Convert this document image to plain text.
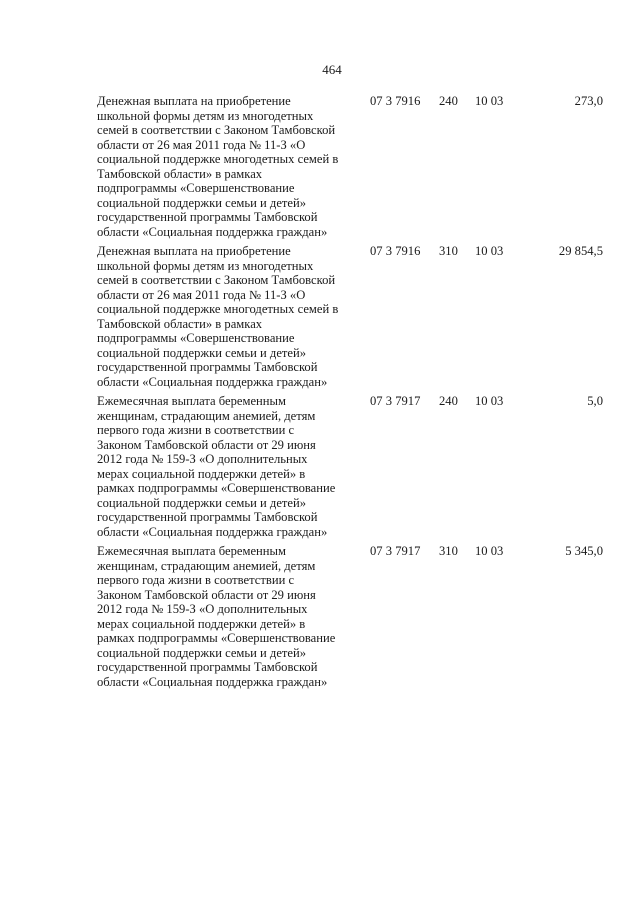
464
Денежная выплата на приобретение
школьной формы детям из многодетных
семей в соответствии с Законом Тамбовской
области от 26 мая 2011 года № 11-З «О
социальной поддержке многодетных семей в
Тамбовской области» в рамках
подпрограммы «Совершенствование
социальной поддержки семьи и детей»
государственной программы Тамбовской
области «Социальная поддержка граждан»
07 3 7916	240	10 03	273,0
Денежная выплата на приобретение
школьной формы детям из многодетных
семей в соответствии с Законом Тамбовской
области от 26 мая 2011 года № 11-З «О
социальной поддержке многодетных семей в
Тамбовской области» в рамках
подпрограммы «Совершенствование
социальной поддержки семьи и детей»
государственной программы Тамбовской
области «Социальная поддержка граждан»
07 3 7916	310	10 03	29 854,5
Ежемесячная выплата беременным
женщинам, страдающим анемией, детям
первого года жизни в соответствии с
Законом Тамбовской области от 29 июня
2012 года № 159-З «О дополнительных
мерах социальной поддержки детей» в
рамках подпрограммы «Совершенствование
социальной поддержки семьи и детей»
государственной программы Тамбовской
области «Социальная поддержка граждан»
07 3 7917	240	10 03	5,0
Ежемесячная выплата беременным
женщинам, страдающим анемией, детям
первого года жизни в соответствии с
Законом Тамбовской области от 29 июня
2012 года № 159-З «О дополнительных
мерах социальной поддержки детей» в
рамках подпрограммы «Совершенствование
социальной поддержки семьи и детей»
государственной программы Тамбовской
области «Социальная поддержка граждан»
07 3 7917	310	10 03	5 345,0
